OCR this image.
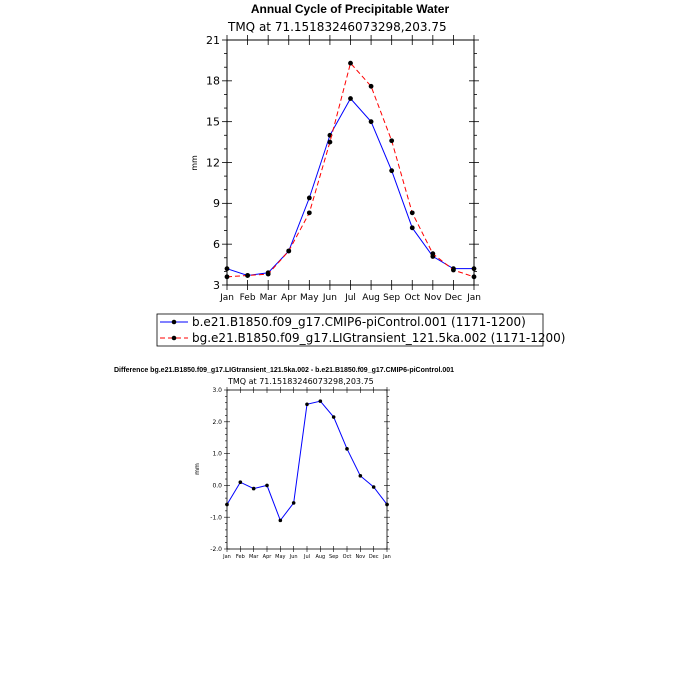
Annual Cycle of Precipitable Water
TMQ at 71.15183246073298,203.75
mm
3
6
9
12
15
18
21
Jan Feb Mar Apr May Jun Jul Aug Sep Oct Nov Dec Jan
b.e21.B1850.f09_g17.CMIP6-piControl.001 (1171-1200)
bg.e21.B1850.f09_g17.LIGtransient_121.5ka.002 (1171-1200)
Difference bg.e21.B1850.f09_g17.LIGtransient_121.5ka.002 - b.e21.B1850.f09_g17.CMIP6-piControl.001
TMQ at 71.15183246073298,203.75
mm
-2.0
-1.0
0.0
1.0
2.0
3.0
Jan Feb Mar Apr May Jun Jul Aug Sep Oct Nov Dec Jan
